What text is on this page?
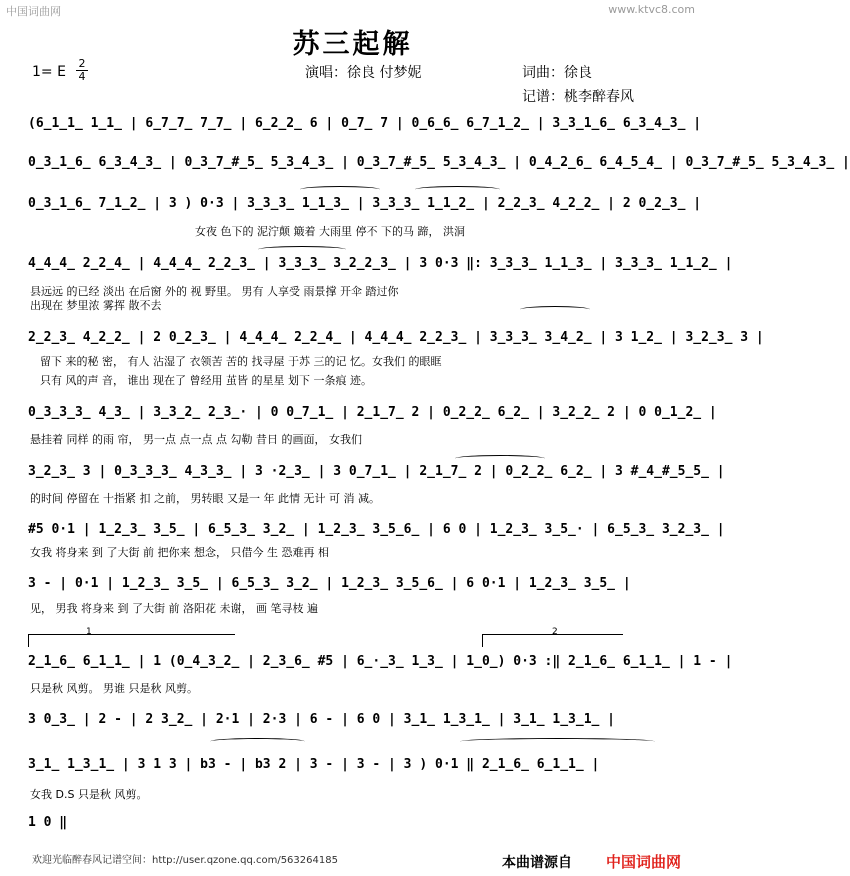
中国词曲网	www.ktvc8.com
苏三起解
1= E
2
4	演唱：徐良 付梦妮	词曲：徐良
记谱：桃李醉春风
(6̲1̲1̲ 1̲1̲ | 6̲7̲7̲ 7̲7̲ | 6̲2̲2̲ 6 | 0̲7̲ 7 | 0̲6̲6̲ 6̲7̲1̲2̲ | 3̲3̲1̲6̲ 6̲3̲4̲3̲ |
0̲3̲1̲6̲ 6̲3̲4̲3̲ | 0̲3̲7̲#̲5̲ 5̲3̲4̲3̲ | 0̲3̲7̲#̲5̲ 5̲3̲4̲3̲ | 0̲4̲2̲6̲ 6̲4̲5̲4̲ | 0̲3̲7̲#̲5̲ 5̲3̲4̲3̲ |
0̲3̲1̲6̲ 7̲1̲2̲ | 3 ) 0·3 | 3̲3̲3̲ 1̲1̲3̲ | 3̲3̲3̲ 1̲1̲2̲ | 2̲2̲3̲ 4̲2̲2̲ | 2 0̲2̲3̲ |
女夜 色下的 泥泞颠 簸着 大雨里 停不 下的马 蹄， 洪洞
4̲4̲4̲ 2̲2̲4̲ | 4̲4̲4̲ 2̲2̲3̲ | 3̲3̲3̲ 3̲2̲2̲3̲ | 3 0·3 ‖: 3̲3̲3̲ 1̲1̲3̲ | 3̲3̲3̲ 1̲1̲2̲ |
县远远 的已经 淡出 在后窗 外的 视 野里。 男有 人享受 雨景撑 开伞 踏过你
出现在 梦里浓 雾挥 散不去
2̲2̲3̲ 4̲2̲2̲ | 2 0̲2̲3̲ | 4̲4̲4̲ 2̲2̲4̲ | 4̲4̲4̲ 2̲2̲3̲ | 3̲3̲3̲ 3̲4̲2̲ | 3 1̲2̲ | 3̲2̲3̲ 3 |
留下 来的秘 密， 有人 沾湿了 衣领苦 苦的 找寻屋 于苏 三的记 忆。女我们 的眼眶
只有 风的声 音， 谁出 现在了 曾经用 茧皆 的星星 划下 一条痕 迹。
0̲3̲3̲3̲ 4̲3̲ | 3̲3̲2̲ 2̲3̲· | 0 0̲7̲1̲ | 2̲1̲7̲ 2 | 0̲2̲2̲ 6̲2̲ | 3̲2̲2̲ 2 | 0 0̲1̲2̲ |
悬挂着 同样 的雨 帘， 男一点 点一点 点 勾勒 昔日 的画面， 女我们
3̲2̲3̲ 3 | 0̲3̲3̲3̲ 4̲3̲3̲ | 3 ·2̲3̲ | 3 0̲7̲1̲ | 2̲1̲7̲ 2 | 0̲2̲2̲ 6̲2̲ | 3 #̲4̲#̲5̲5̲ |
的时间 停留在 十指紧 扣 之前， 男转眼 又是一 年 此情 无计 可 消 减。
#5 0·1 | 1̲2̲3̲ 3̲5̲ | 6̲5̲3̲ 3̲2̲ | 1̲2̲3̲ 3̲5̲6̲ | 6 0 | 1̲2̲3̲ 3̲5̲· | 6̲5̲3̲ 3̲2̲3̲ |
女我 将身来 到 了大街 前 把你来 想念， 只借今 生 恐难再 相
3 - | 0·1 | 1̲2̲3̲ 3̲5̲ | 6̲5̲3̲ 3̲2̲ | 1̲2̲3̲ 3̲5̲6̲ | 6 0·1 | 1̲2̲3̲ 3̲5̲ |
见， 男我 将身来 到 了大街 前 洛阳花 未谢， 画 笔寻枝 遍
2̲1̲6̲ 6̲1̲1̲ | 1 (0̲4̲3̲2̲ | 2̲3̲6̲ #5 | 6̲·̲3̲ 1̲3̲ | 1̲0̲) 0·3 :‖ 2̲1̲6̲ 6̲1̲1̲ | 1 - |
只是秋 风剪。 男谁 只是秋 风剪。
3 0̲3̲ | 2 - | 2 3̲2̲ | 2·1 | 2·3 | 6 - | 6 0 | 3̲1̲ 1̲3̲1̲ | 3̲1̲ 1̲3̲1̲ |
3̲1̲ 1̲3̲1̲ | 3 1 3 | b3 - | b3 2 | 3 - | 3 - | 3 ) 0·1 ‖ 2̲1̲6̲ 6̲1̲1̲ |
女我 D.S 只是秋 风剪。
1 0 ‖
1	2
欢迎光临醉春风记谱空间：http://user.qzone.qq.com/563264185	本曲谱源自 中国词曲网
